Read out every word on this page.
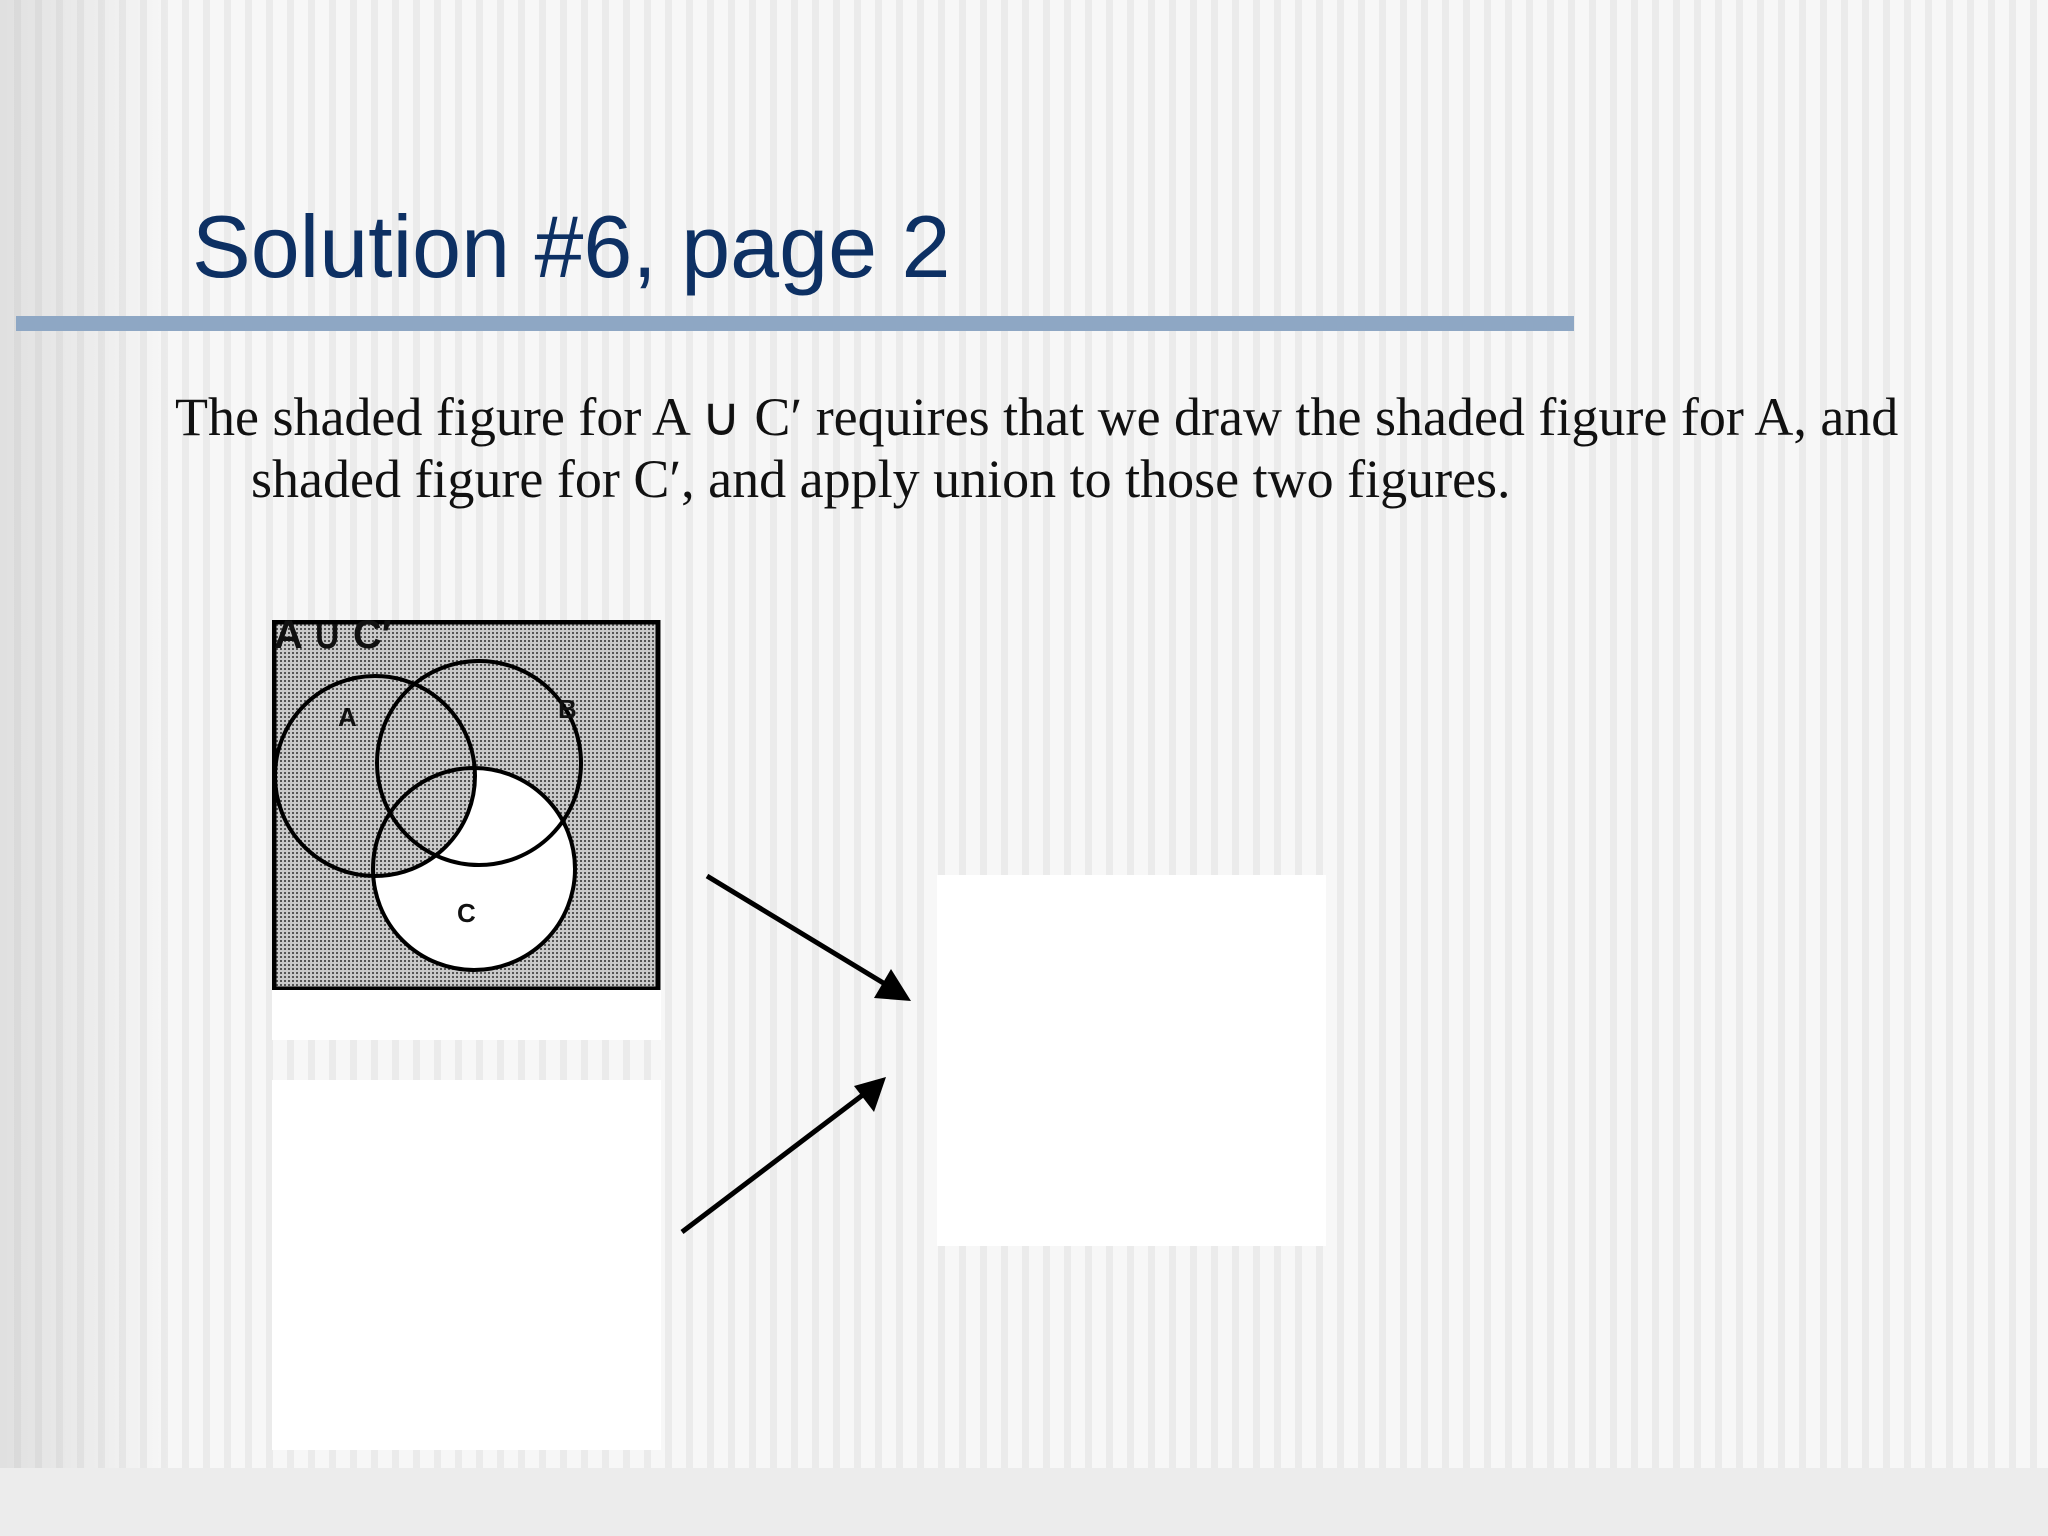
Solution #6, page 2

The shaded figure for A ∪ C′ requires that we draw the shaded figure for A, and shaded figure for C′, and apply union to those two figures.

A ∪ C′
A	B
C
